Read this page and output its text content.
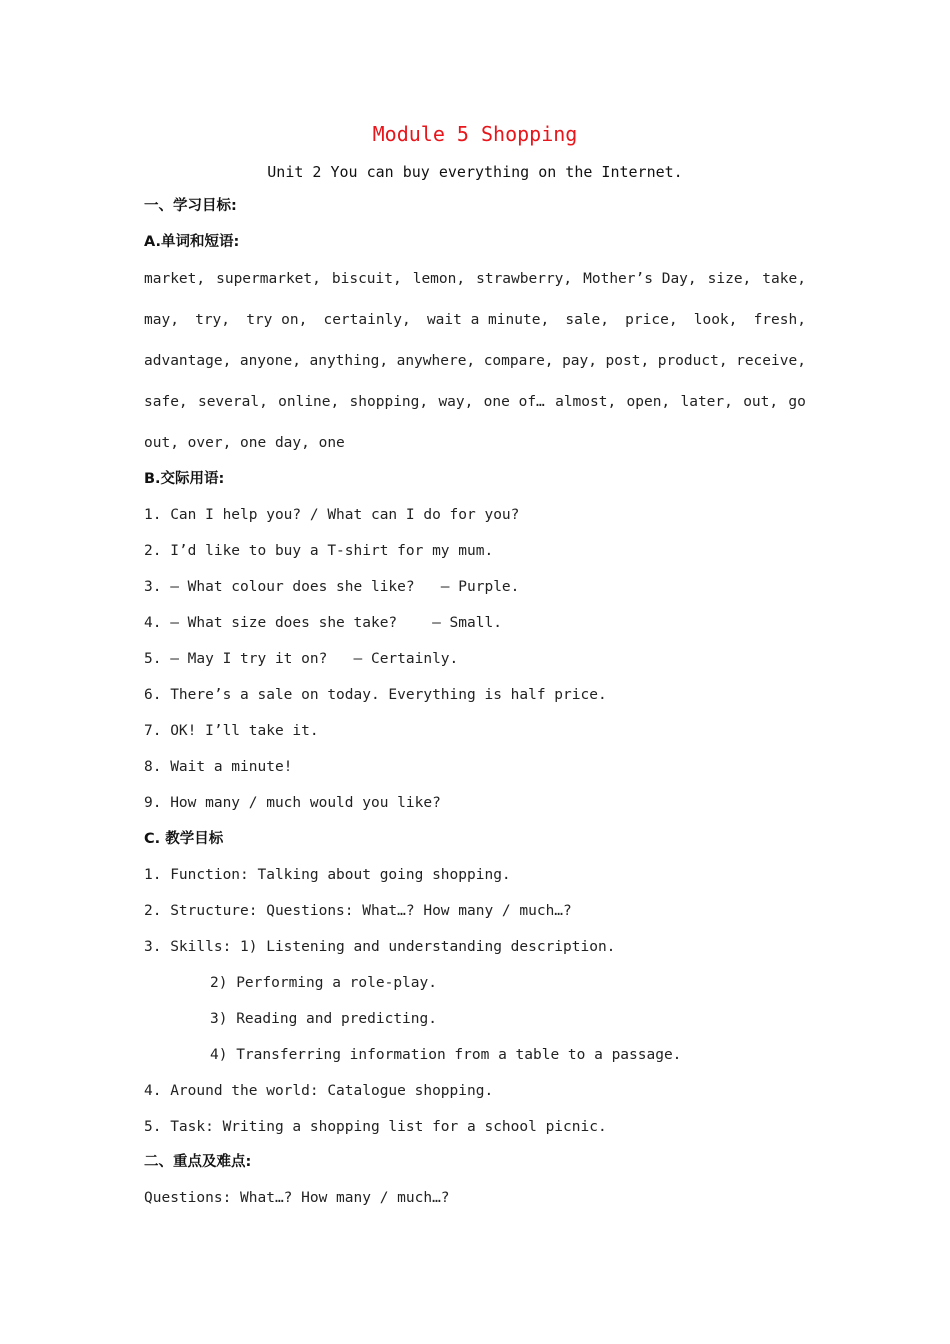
Module 5 Shopping
Unit 2 You can buy everything on the Internet.
一、学习目标:
A.单词和短语:
market, supermarket, biscuit, lemon, strawberry, Mother’s Day, size, take,
may, try, try on, certainly, wait a minute, sale, price, look, fresh,
advantage, anyone, anything, anywhere, compare, pay, post, product, receive,
safe, several, online, shopping, way, one of… almost, open, later, out, go
out, over, one day, one
B.交际用语:
1. Can I help you? / What can I do for you?
2. I’d like to buy a T-shirt for my mum.
3. — What colour does she like?   — Purple.
4. — What size does she take?    — Small.
5. — May I try it on?   — Certainly.
6. There’s a sale on today. Everything is half price.
7. OK! I’ll take it.
8. Wait a minute!
9. How many / much would you like?
C. 教学目标
1. Function: Talking about going shopping.
2. Structure: Questions: What…? How many / much…?
3. Skills: 1) Listening and understanding description.
2) Performing a role-play.
3) Reading and predicting.
4) Transferring information from a table to a passage.
4. Around the world: Catalogue shopping.
5. Task: Writing a shopping list for a school picnic.
二、重点及难点:
Questions: What…? How many / much…?
